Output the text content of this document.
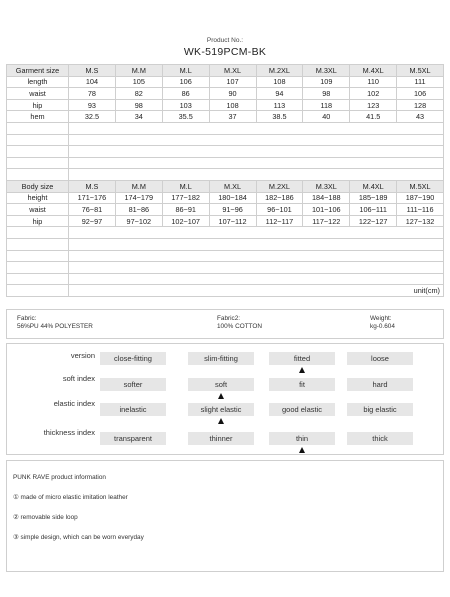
Product No.:
WK-519PCM-BK
Garment size	M.S	M.M	M.L	M.XL	M.2XL	M.3XL	M.4XL	M.5XL
length	104	105	106	107	108	109	110	111
waist	78	82	86	90	94	98	102	106
hip	93	98	103	108	113	118	123	128
hem	32.5	34	35.5	37	38.5	40	41.5	43

Body size	M.S	M.M	M.L	M.XL	M.2XL	M.3XL	M.4XL	M.5XL
height	171~176	174~179	177~182	180~184	182~186	184~188	185~189	187~190
waist	76~81	81~86	86~91	91~96	96~101	101~106	106~111	111~116
hip	92~97	97~102	102~107	107~112	112~117	117~122	122~127	127~132

	unit(cm)							
Fabric:
56%PU 44% POLYESTER
Fabric2:
100% COTTON
Weight:
kg-0.604
version	close-fitting	slim-fitting	fitted	loose
soft index
softer	soft	fit	hard
elastic index
inelastic	slight elastic	good elastic	big elastic
thickness index
transparent	thinner	thin	thick
PUNK RAVE product information
① made of micro elastic imitation leather
② removable side loop
③ simple design, which can be worn everyday
